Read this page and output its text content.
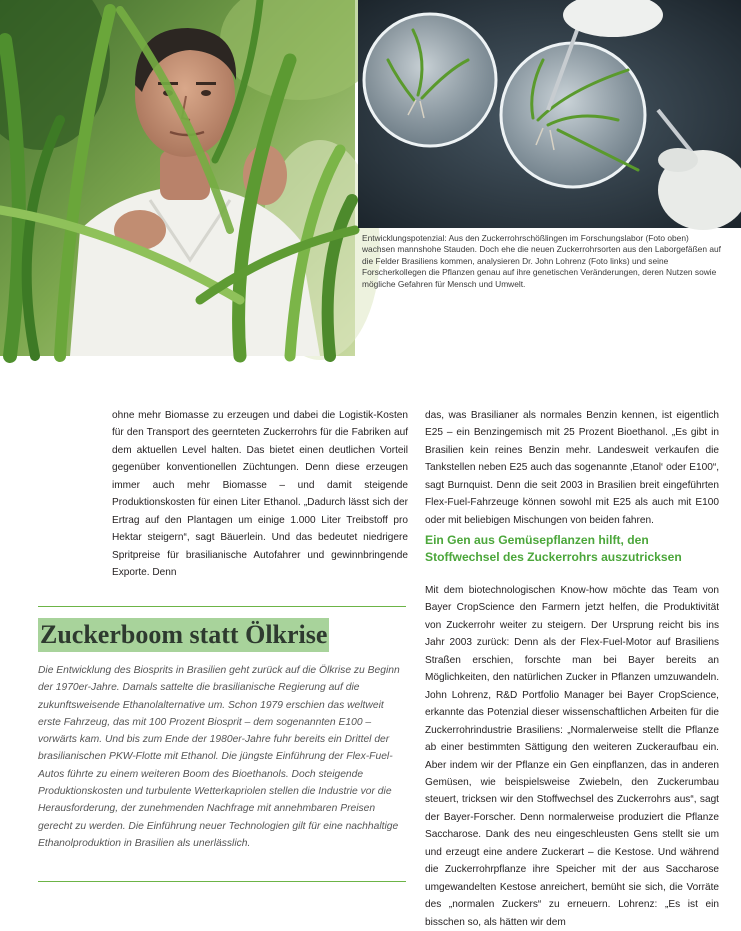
Entwicklungspotenzial: Aus den Zuckerrohrschößlingen im Forschungslabor (Foto oben) wachsen mannshohe Stauden. Doch ehe die neuen Zuckerrohrsorten aus den Laborgefäßen auf die Felder Brasiliens kommen, analysieren Dr. John Lohrenz (Foto links) und seine Forscherkollegen die Pflanzen genau auf ihre genetischen Veränderungen, deren Nutzen sowie mögliche Gefahren für Mensch und Umwelt.

ohne mehr Biomasse zu erzeugen und dabei die Logistik-Kosten für den Transport des geernteten Zuckerrohrs für die Fabriken auf dem aktuellen Level halten. Das bietet einen deutlichen Vorteil gegenüber konventionellen Züchtungen. Denn diese erzeugen immer auch mehr Biomasse – und damit steigende Produktionskosten für einen Liter Ethanol. „Dadurch lässt sich der Ertrag auf den Plantagen um einige 1.000 Liter Treibstoff pro Hektar steigern“, sagt Bäuerlein. Und das bedeutet niedrigere Spritpreise für brasilianische Autofahrer und gewinnbringende Exporte. Denn

das, was Brasilianer als normales Benzin kennen, ist eigentlich E25 – ein Benzingemisch mit 25 Prozent Bioethanol. „Es gibt in Brasilien kein reines Benzin mehr. Landesweit verkaufen die Tankstellen neben E25 auch das sogenannte ‚Etanol‘ oder E100“, sagt Burnquist. Denn die seit 2003 in Brasilien breit eingeführten Flex-Fuel-Fahrzeuge können sowohl mit E25 als auch mit E100 oder mit beliebigen Mischungen von beiden fahren.

Ein Gen aus Gemüsepflanzen hilft, den Stoffwechsel des Zuckerrohrs auszutricksen

Mit dem biotechnologischen Know-how möchte das Team von Bayer CropScience den Farmern jetzt helfen, die Produktivität von Zuckerrohr weiter zu steigern. Der Ursprung reicht bis ins Jahr 2003 zurück: Denn als der Flex-Fuel-Motor auf Brasiliens Straßen erschien, forschte man bei Bayer bereits an Möglichkeiten, den natürlichen Zucker in Pflanzen umzuwandeln. John Lohrenz, R&D Portfolio Manager bei Bayer CropScience, erkannte das Potenzial dieser wissenschaftlichen Arbeiten für die Zuckerrohrindustrie Brasiliens: „Normalerweise stellt die Pflanze ab einer bestimmten Sättigung den weiteren Zuckeraufbau ein. Aber indem wir der Pflanze ein Gen einpflanzen, das in anderen Gemüsen, wie beispielsweise Zwiebeln, den Zuckerumbau steuert, tricksen wir den Stoffwechsel des Zuckerrohrs aus“, sagt der Bayer-Forscher. Denn normalerweise produziert die Pflanze Saccharose. Dank des neu eingeschleusten Gens stellt sie um und erzeugt eine andere Zuckerart – die Kestose. Und während die Zuckerrohrpflanze ihre Speicher mit der aus Saccharose umgewandelten Kestose anreichert, bemüht sie sich, die Vorräte des „normalen Zuckers“ zu erneuern. Lohrenz: „Es ist ein bisschen so, als hätten wir dem

Zuckerboom statt Ölkrise

Die Entwicklung des Biosprits in Brasilien geht zurück auf die Ölkrise zu Beginn der 1970er-Jahre. Damals sattelte die brasilianische Regierung auf die zukunftsweisende Ethanolalternative um. Schon 1979 erschien das weltweit erste Fahrzeug, das mit 100 Prozent Biosprit – dem sogenannten E100 – vorwärts kam. Und bis zum Ende der 1980er-Jahre fuhr bereits ein Drittel der brasilianischen PKW-Flotte mit Ethanol. Die jüngste Einführung der Flex-Fuel-Autos führte zu einem weiteren Boom des Bioethanols. Doch steigende Produktionskosten und turbulente Wetterkapriolen stellen die Industrie vor die Herausforderung, der zunehmenden Nachfrage mit annehmbaren Preisen gerecht zu werden. Die Einführung neuer Technologien gilt für eine nachhaltige Ethanolproduktion in Brasilien als unerlässlich.
